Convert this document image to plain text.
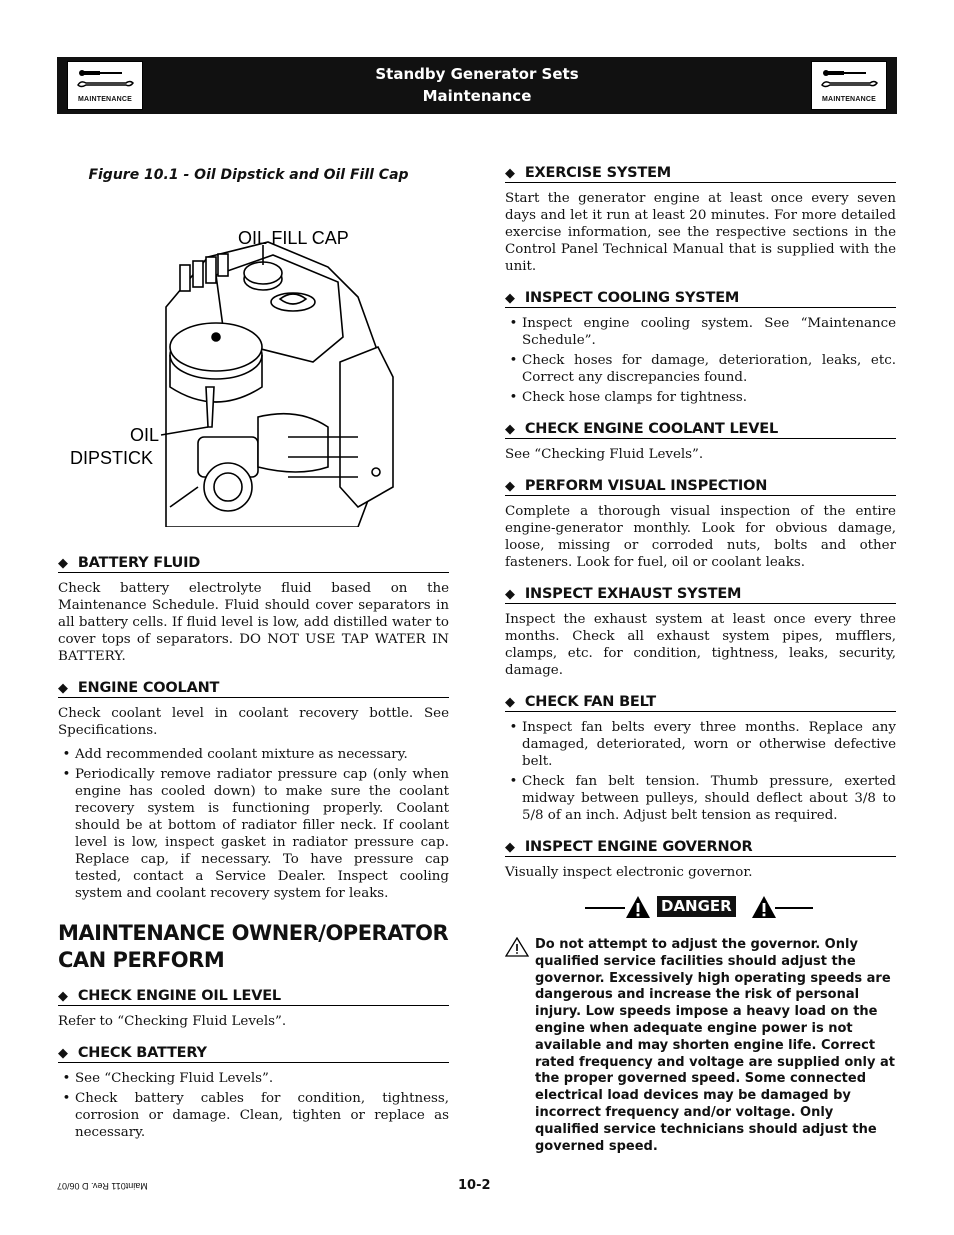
MAINTENANCE
Standby Generator Sets
Maintenance	MAINTENANCE
Figure 10.1 - Oil Dipstick and Oil Fill Cap
OIL FILL CAP
OIL
DIPSTICK
◆ BATTERY FLUID

Check battery electrolyte fluid based on the Maintenance Schedule. Fluid should cover separators in all battery cells. If fluid level is low, add distilled water to cover tops of separators. DO NOT USE TAP WATER IN BATTERY.

◆ ENGINE COOLANT

Check coolant level in coolant recovery bottle. See Specifications.

• Add recommended coolant mixture as necessary.
• Periodically remove radiator pressure cap (only when engine has cooled down) to make sure the coolant recovery system is functioning properly. Coolant should be at bottom of radiator filler neck. If coolant level is low, inspect gasket in radiator pressure cap. Replace cap, if necessary. To have pressure cap tested, contact a Service Dealer. Inspect cooling system and coolant recovery system for leaks.
MAINTENANCE OWNER/OPERATOR
CAN PERFORM
◆ CHECK ENGINE OIL LEVEL

Refer to “Checking Fluid Levels”.

◆ CHECK BATTERY
• See “Checking Fluid Levels”.
• Check battery cables for condition, tightness, corrosion or damage. Clean, tighten or replace as necessary.
◆ EXERCISE SYSTEM

Start the generator engine at least once every seven days and let it run at least 20 minutes. For more detailed exercise information, see the respective sections in the Control Panel Technical Manual that is supplied with the unit.

◆ INSPECT COOLING SYSTEM
• Inspect engine cooling system. See “Maintenance Schedule”.
• Check hoses for damage, deterioration, leaks, etc. Correct any discrepancies found.
• Check hose clamps for tightness.
◆ CHECK ENGINE COOLANT LEVEL

See “Checking Fluid Levels”.

◆ PERFORM VISUAL INSPECTION

Complete a thorough visual inspection of the entire engine-generator monthly. Look for obvious damage, loose, missing or corroded nuts, bolts and other fasteners. Look for fuel, oil or coolant leaks.

◆ INSPECT EXHAUST SYSTEM

Inspect the exhaust system at least once every three months. Check all exhaust system pipes, mufflers, clamps, etc. for condition, tightness, leaks, security, damage.

◆ CHECK FAN BELT
• Inspect fan belts every three months. Replace any damaged, deteriorated, worn or otherwise defective belt.
• Check fan belt tension. Thumb pressure, exerted midway between pulleys, should deflect about 3/8 to 5/8 of an inch. Adjust belt tension as required.
◆ INSPECT ENGINE GOVERNOR

Visually inspect electronic governor.

DANGER

Do not attempt to adjust the governor. Only qualified service facilities should adjust the governor. Excessively high operating speeds are dangerous and increase the risk of personal injury. Low speeds impose a heavy load on the engine when adequate engine power is not available and may shorten engine life. Correct rated frequency and voltage are supplied only at the proper governed speed. Some connected electrical load devices may be damaged by incorrect frequency and/or voltage. Only qualified service technicians should adjust the governed speed.

Maint011 Rev. D 06/07	10-2
